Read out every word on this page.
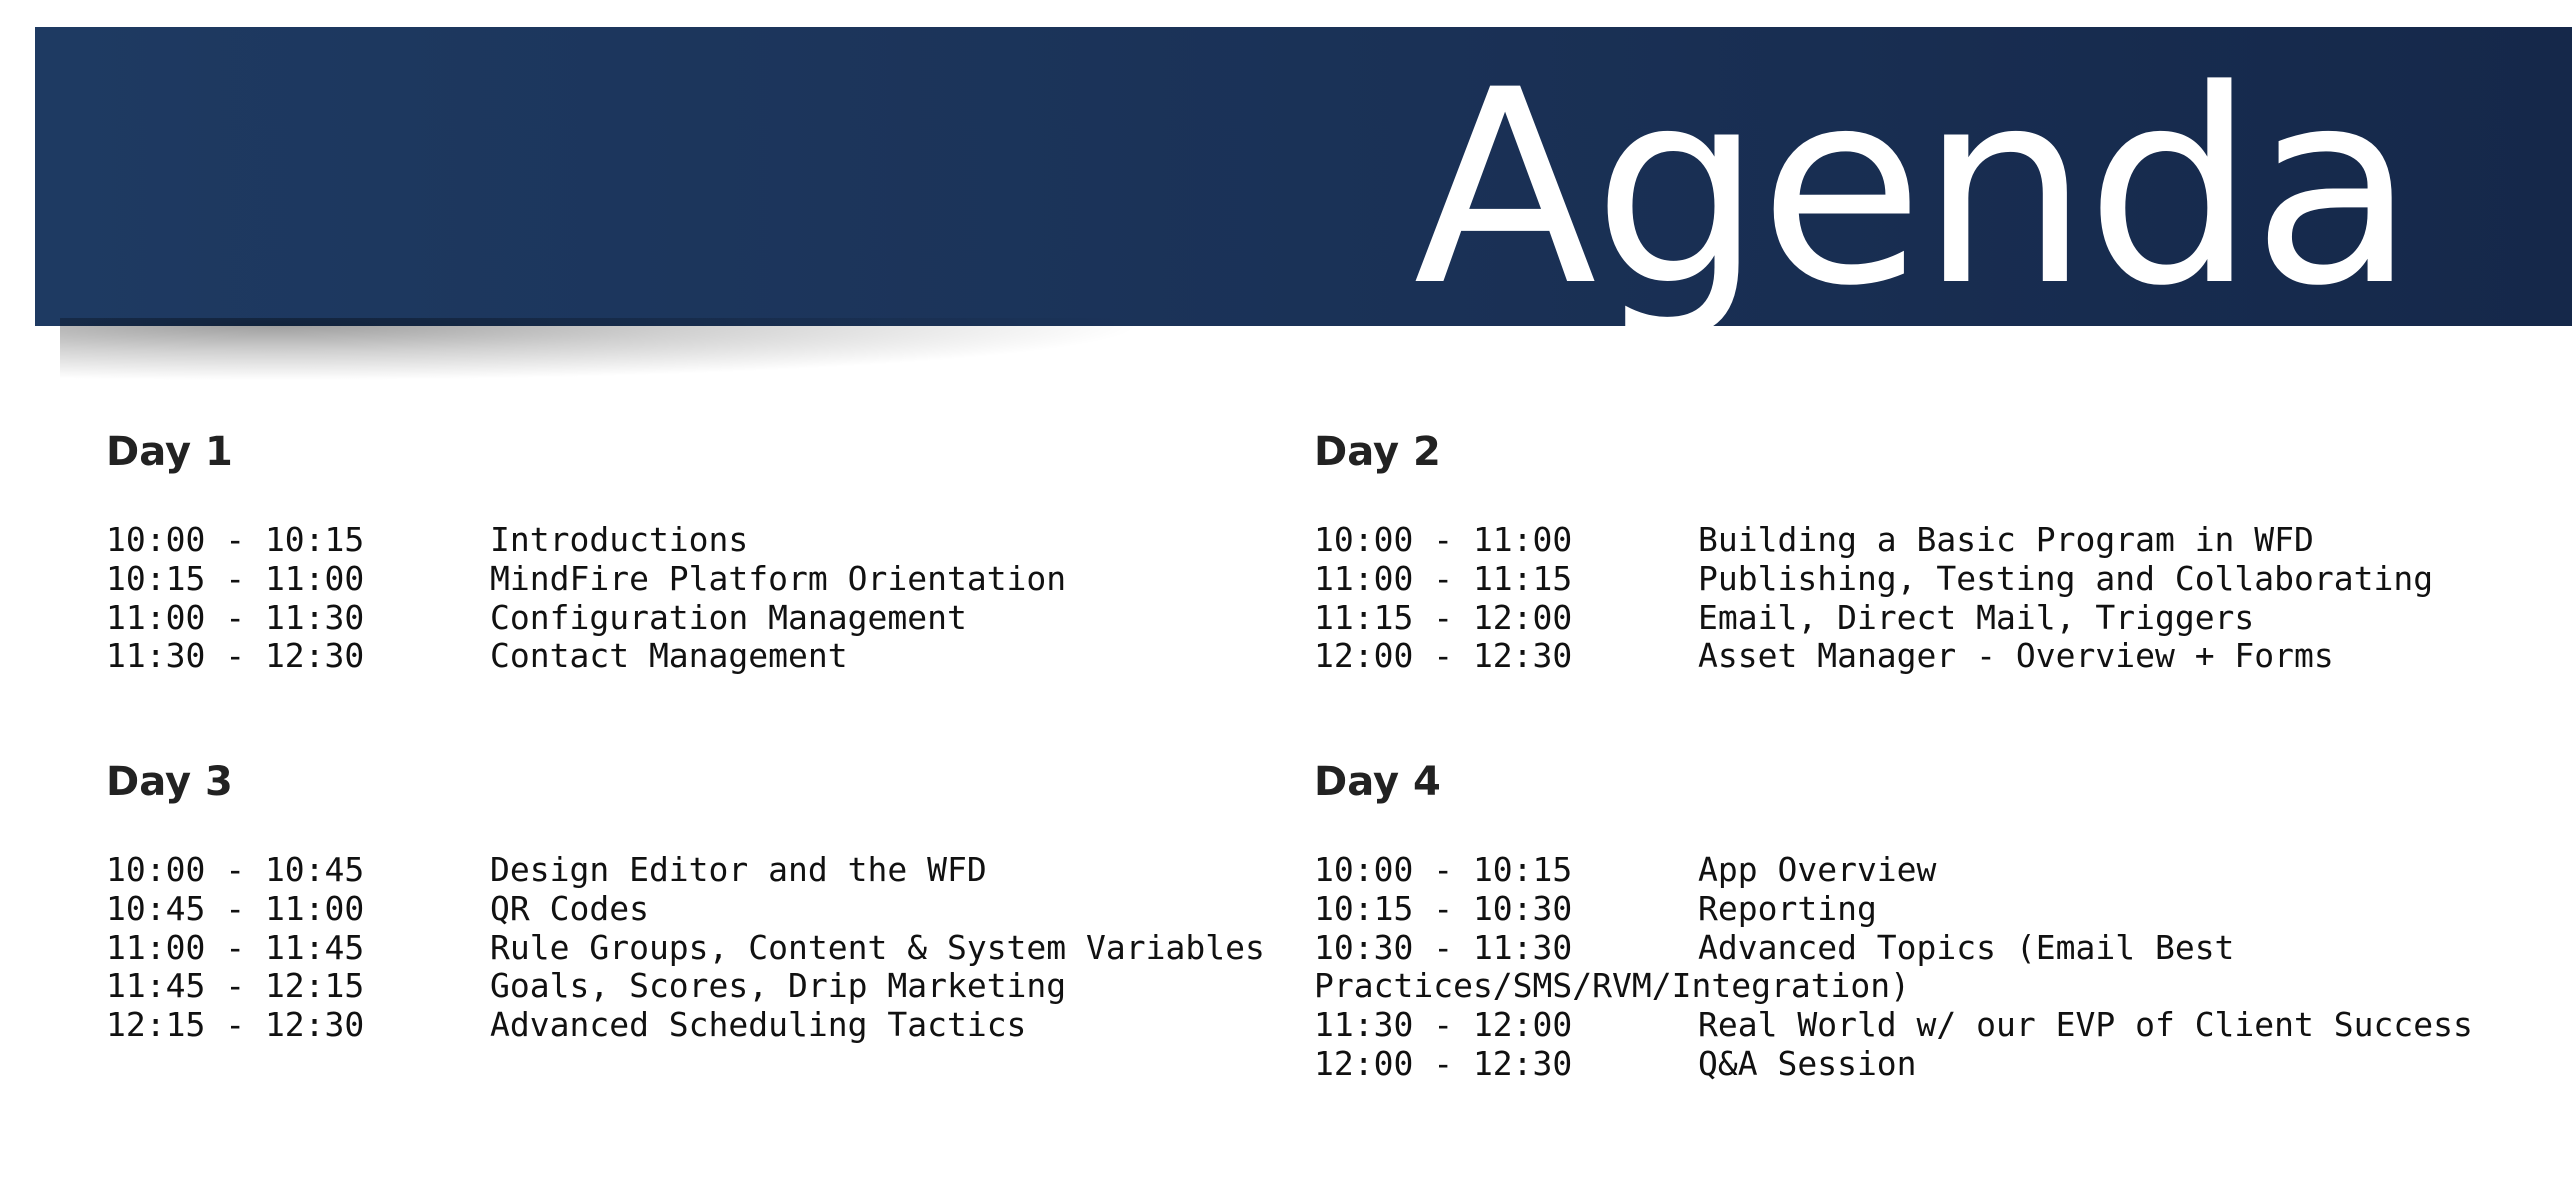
Agenda
Day 1
10:00 - 10:15	Introductions
10:15 - 11:00	MindFire Platform Orientation
11:00 - 11:30	Configuration Management
11:30 - 12:30	Contact Management
Day 2
10:00 - 11:00	Building a Basic Program in WFD
11:00 - 11:15	Publishing, Testing and Collaborating
11:15 - 12:00	Email, Direct Mail, Triggers
12:00 - 12:30	Asset Manager - Overview + Forms
Day 3
10:00 - 10:45	Design Editor and the WFD
10:45 - 11:00	QR Codes
11:00 - 11:45	Rule Groups, Content & System Variables
11:45 - 12:15	Goals, Scores, Drip Marketing
12:15 - 12:30	Advanced Scheduling Tactics
Day 4
10:00 - 10:15	App Overview
10:15 - 10:30	Reporting
10:30 - 11:30	Advanced Topics (Email Best Practices/SMS/RVM/Integration)
11:30 - 12:00	Real World w/ our EVP of Client Success
12:00 - 12:30	Q&A Session
